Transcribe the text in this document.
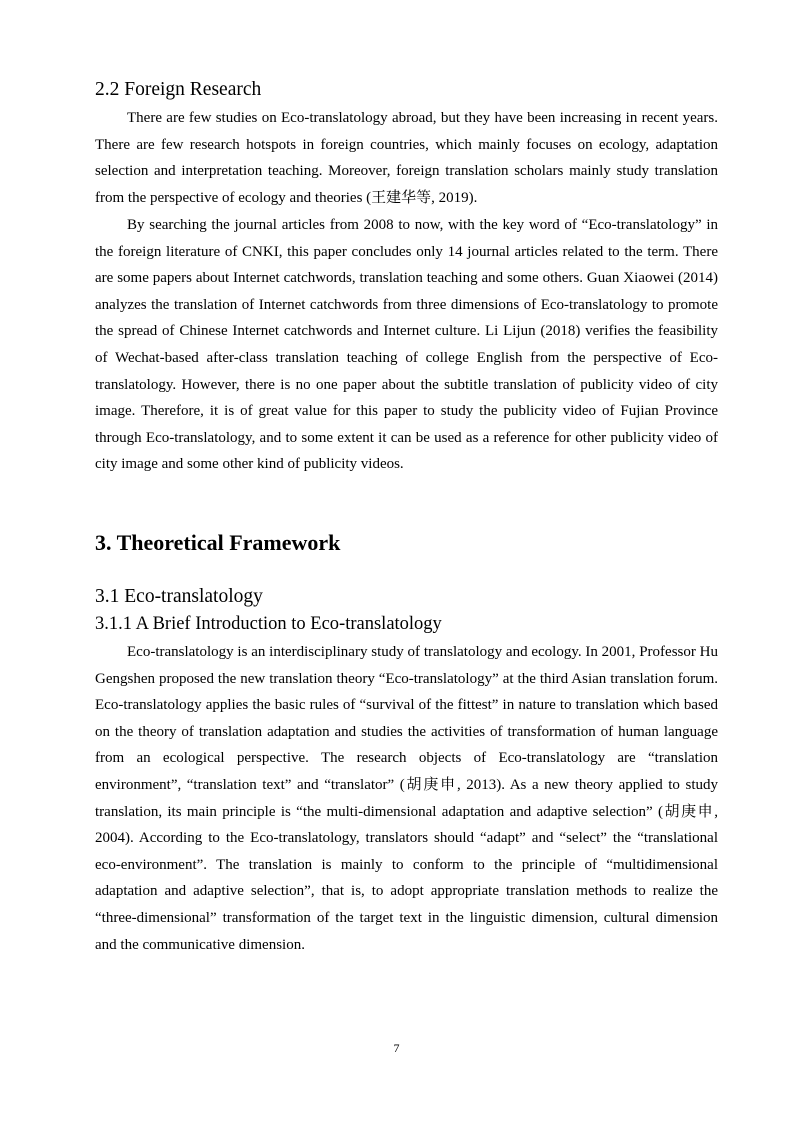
2.2 Foreign Research

There are few studies on Eco-translatology abroad, but they have been increasing in recent years. There are few research hotspots in foreign countries, which mainly focuses on ecology, adaptation selection and interpretation teaching. Moreover, foreign translation scholars mainly study translation from the perspective of ecology and theories (王建华等, 2019).

By searching the journal articles from 2008 to now, with the key word of “Eco-translatology” in the foreign literature of CNKI, this paper concludes only 14 journal articles related to the term. There are some papers about Internet catchwords, translation teaching and some others. Guan Xiaowei (2014) analyzes the translation of Internet catchwords from three dimensions of Eco-translatology to promote the spread of Chinese Internet catchwords and Internet culture. Li Lijun (2018) verifies the feasibility of Wechat-based after-class translation teaching of college English from the perspective of Eco-translatology. However, there is no one paper about the subtitle translation of publicity video of city image. Therefore, it is of great value for this paper to study the publicity video of Fujian Province through Eco-translatology, and to some extent it can be used as a reference for other publicity video of city image and some other kind of publicity videos.

3. Theoretical Framework
3.1 Eco-translatology
3.1.1 A Brief Introduction to Eco-translatology

Eco-translatology is an interdisciplinary study of translatology and ecology. In 2001, Professor Hu Gengshen proposed the new translation theory “Eco-translatology” at the third Asian translation forum. Eco-translatology applies the basic rules of “survival of the fittest” in nature to translation which based on the theory of translation adaptation and studies the activities of transformation of human language from an ecological perspective. The research objects of Eco-translatology are “translation environment”, “translation text” and “translator” (胡庚申, 2013). As a new theory applied to study translation, its main principle is “the multi-dimensional adaptation and adaptive selection” (胡庚申, 2004). According to the Eco-translatology, translators should “adapt” and “select” the “translational eco-environment”. The translation is mainly to conform to the principle of “multidimensional adaptation and adaptive selection”, that is, to adopt appropriate translation methods to realize the “three-dimensional” transformation of the target text in the linguistic dimension, cultural dimension and the communicative dimension.

7
